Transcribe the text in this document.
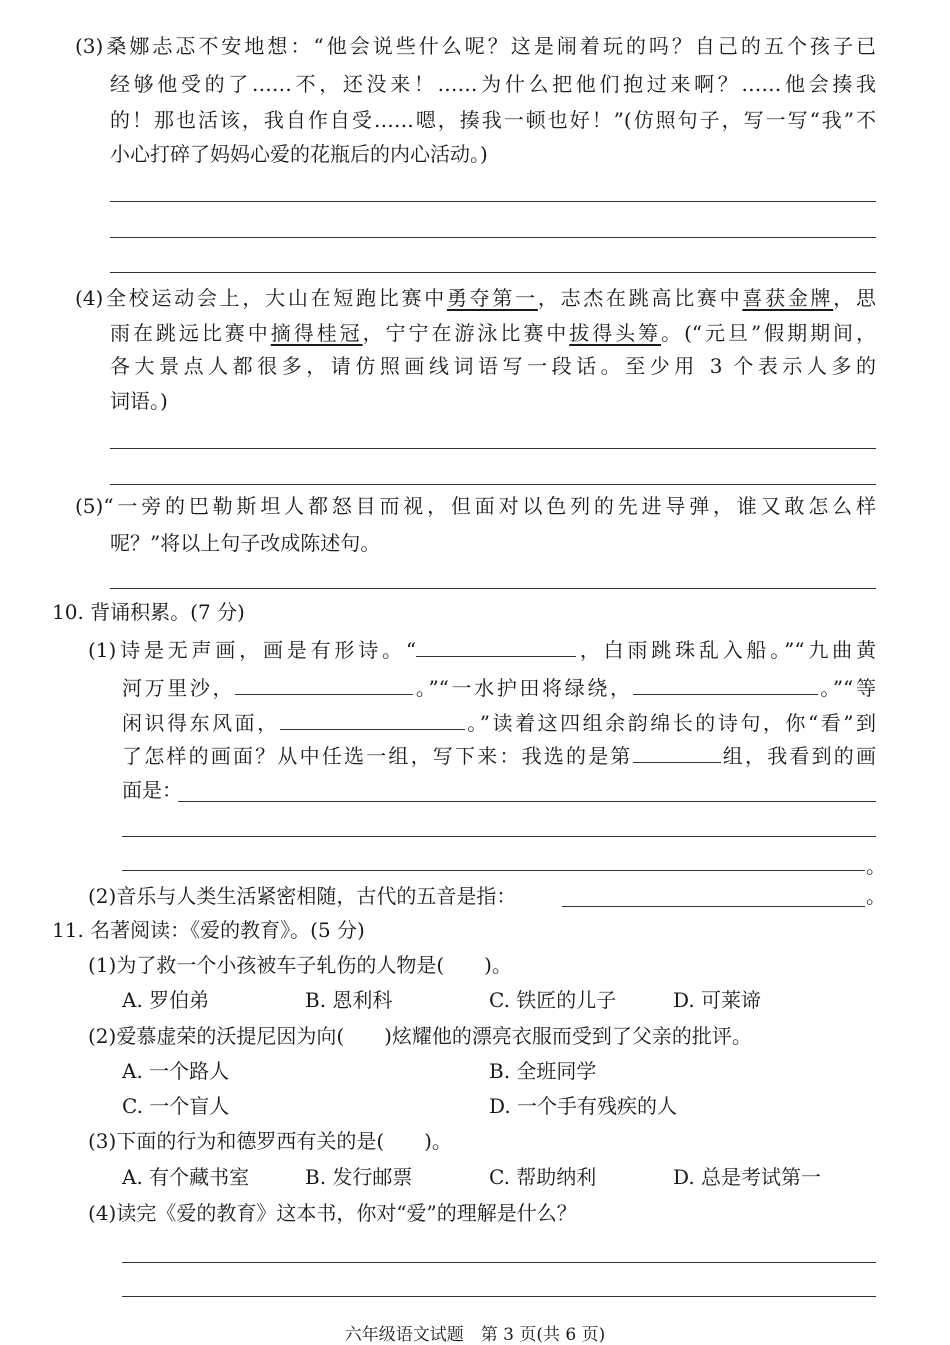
(3)桑娜忐忑不安地想：“他会说些什么呢？这是闹着玩的吗？自己的五个孩子已
经够他受的了……不，还没来！……为什么把他们抱过来啊？……他会揍我
的！那也活该，我自作自受……嗯，揍我一顿也好！”(仿照句子，写一写“我”不
小心打碎了妈妈心爱的花瓶后的内心活动。)
(4)全校运动会上，大山在短跑比赛中勇夺第一，志杰在跳高比赛中喜获金牌，思
雨在跳远比赛中摘得桂冠，宁宁在游泳比赛中拔得头筹。(“元旦”假期期间，
各大景点人都很多，请仿照画线词语写一段话。至少用 3 个表示人多的
词语。)
(5)“一旁的巴勒斯坦人都怒目而视，但面对以色列的先进导弹，谁又敢怎么样
呢？”将以上句子改成陈述句。
10. 背诵积累。(7 分)
(1)诗是无声画，画是有形诗。“	，白雨跳珠乱入船。”“九曲黄
河万里沙，	。”“一水护田将绿绕，	。”“等
闲识得东风面，	。”读着这四组余韵绵长的诗句，你“看”到
了怎样的画面？从中任选一组，写下来：我选的是第	组，我看到的画
面是：
。
(2)音乐与人类生活紧密相随，古代的五音是指：	。
11. 名著阅读：《爱的教育》。(5 分)
(1)为了救一个小孩被车子轧伤的人物是(　　)。
A. 罗伯弟	B. 恩利科	C. 铁匠的儿子	D. 可莱谛
(2)爱慕虚荣的沃提尼因为向(　　)炫耀他的漂亮衣服而受到了父亲的批评。
A. 一个路人	B. 全班同学
C. 一个盲人	D. 一个手有残疾的人
(3)下面的行为和德罗西有关的是(　　)。
A. 有个藏书室	B. 发行邮票	C. 帮助纳利	D. 总是考试第一
(4)读完《爱的教育》这本书，你对“爱”的理解是什么？
六年级语文试题　第 3 页(共 6 页)
